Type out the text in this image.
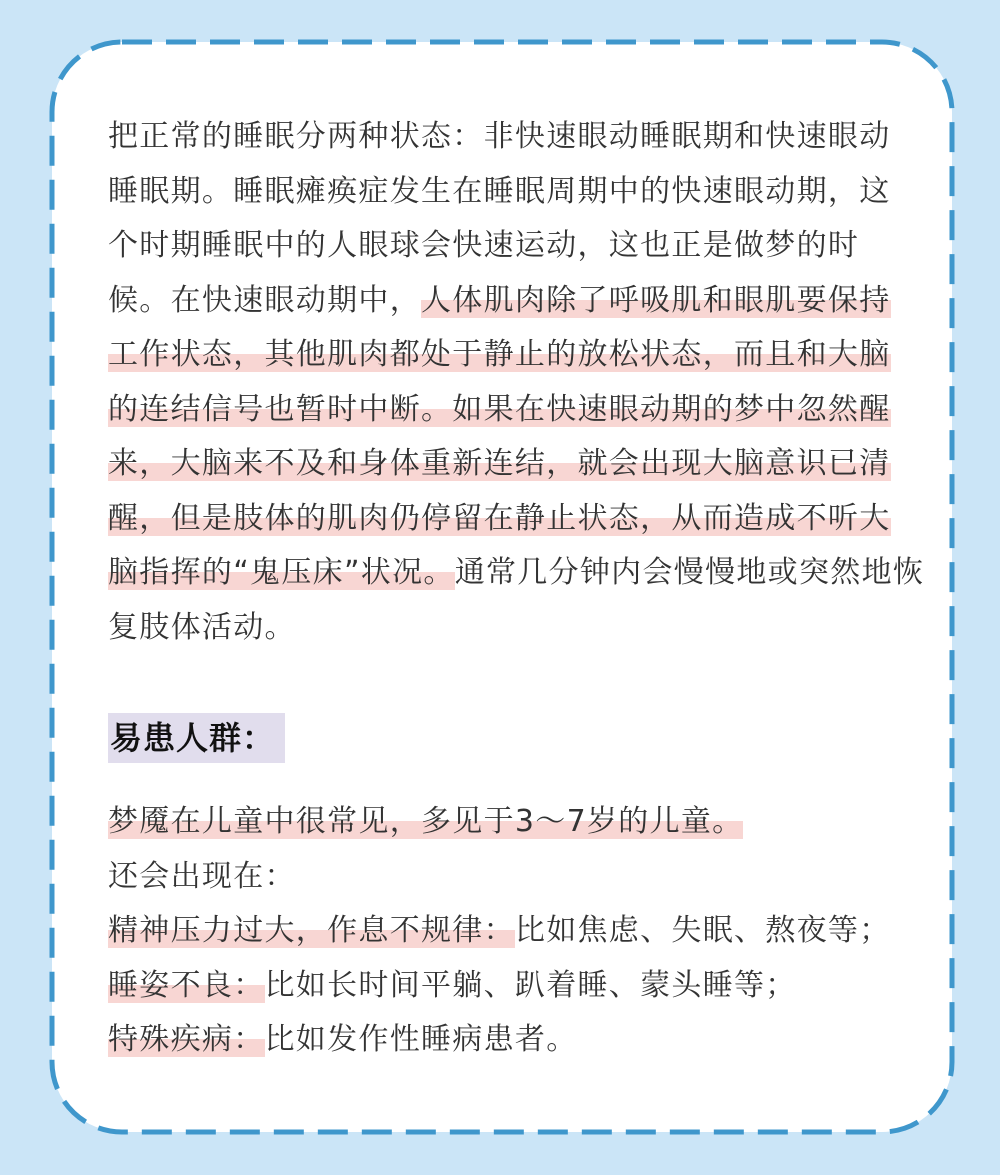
把正常的睡眠分两种状态：非快速眼动睡眠期和快速眼动
睡眠期。睡眠瘫痪症发生在睡眠周期中的快速眼动期，这
个时期睡眠中的人眼球会快速运动，这也正是做梦的时
候。在快速眼动期中，人体肌肉除了呼吸肌和眼肌要保持
工作状态，其他肌肉都处于静止的放松状态，而且和大脑
的连结信号也暂时中断。如果在快速眼动期的梦中忽然醒
来，大脑来不及和身体重新连结，就会出现大脑意识已清
醒，但是肢体的肌肉仍停留在静止状态，从而造成不听大
脑指挥的“鬼压床”状况。通常几分钟内会慢慢地或突然地恢
复肢体活动。
易患人群：
梦魇在儿童中很常见，多见于3～7岁的儿童。
还会出现在：
精神压力过大，作息不规律：比如焦虑、失眠、熬夜等；
睡姿不良：比如长时间平躺、趴着睡、蒙头睡等；
特殊疾病：比如发作性睡病患者。
